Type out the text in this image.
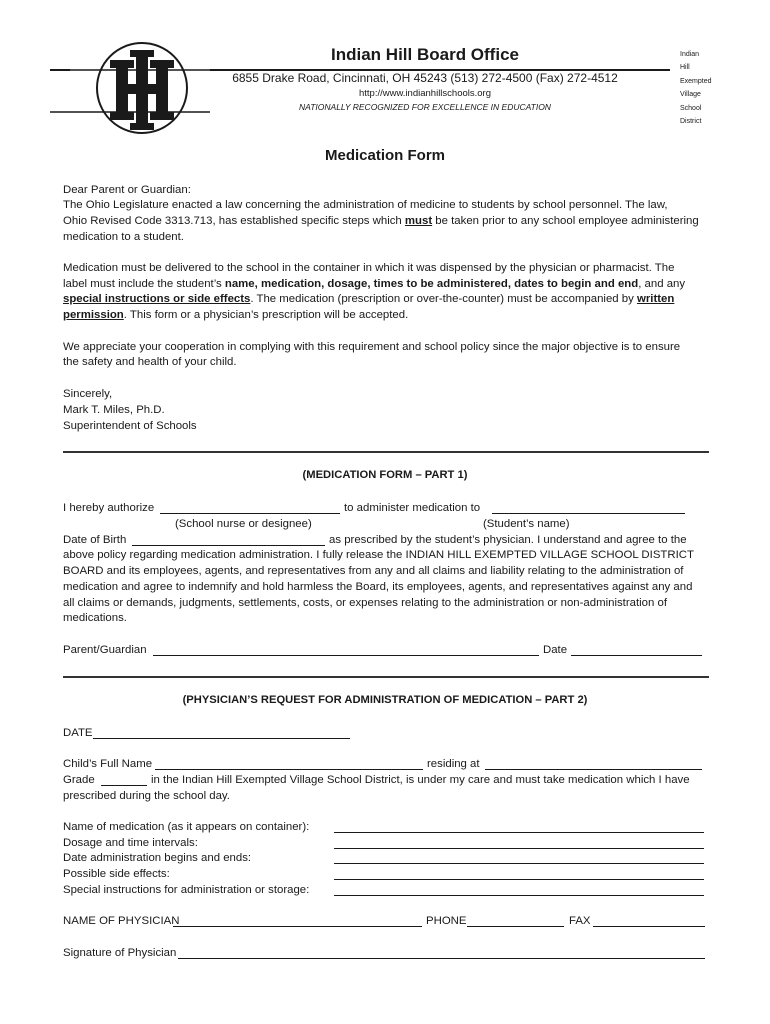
Indian Hill Board Office
6855 Drake Road, Cincinnati, OH 45243 (513) 272-4500 (Fax) 272-4512
http://www.indianhillschools.org
NATIONALLY RECOGNIZED FOR EXCELLENCE IN EDUCATION
Indian
Hill
Exempted
Village
School
District
Medication Form
Dear Parent or Guardian:
The Ohio Legislature enacted a law concerning the administration of medicine to students by school personnel. The law,
Ohio Revised Code 3313.713, has established specific steps which must be taken prior to any school employee administering
medication to a student.
Medication must be delivered to the school in the container in which it was dispensed by the physician or pharmacist. The
label must include the student’s name, medication, dosage, times to be administered, dates to begin and end, and any
special instructions or side effects. The medication (prescription or over-the-counter) must be accompanied by written
permission. This form or a physician’s prescription will be accepted.
We appreciate your cooperation in complying with this requirement and school policy since the major objective is to ensure
the safety and health of your child.
Sincerely,
Mark T. Miles, Ph.D.
Superintendent of Schools
(MEDICATION FORM – PART 1)
I hereby authorize	to administer medication to
(School nurse or designee)	(Student’s name)
Date of Birth	as prescribed by the student’s physician. I understand and agree to the
above policy regarding medication administration. I fully release the INDIAN HILL EXEMPTED VILLAGE SCHOOL DISTRICT
BOARD and its employees, agents, and representatives from any and all claims and liability relating to the administration of
medication and agree to indemnify and hold harmless the Board, its employees, agents, and representatives against any and
all claims or demands, judgments, settlements, costs, or expenses relating to the administration or non-administration of
medications.
Parent/Guardian	Date
(PHYSICIAN’S REQUEST FOR ADMINISTRATION OF MEDICATION – PART 2)
DATE
Child’s Full Name	residing at
Grade	in the Indian Hill Exempted Village School District, is under my care and must take medication which I have
prescribed during the school day.
Name of medication (as it appears on container):
Dosage and time intervals:
Date administration begins and ends:
Possible side effects:
Special instructions for administration or storage:
NAME OF PHYSICIAN	PHONE	FAX
Signature of Physician
